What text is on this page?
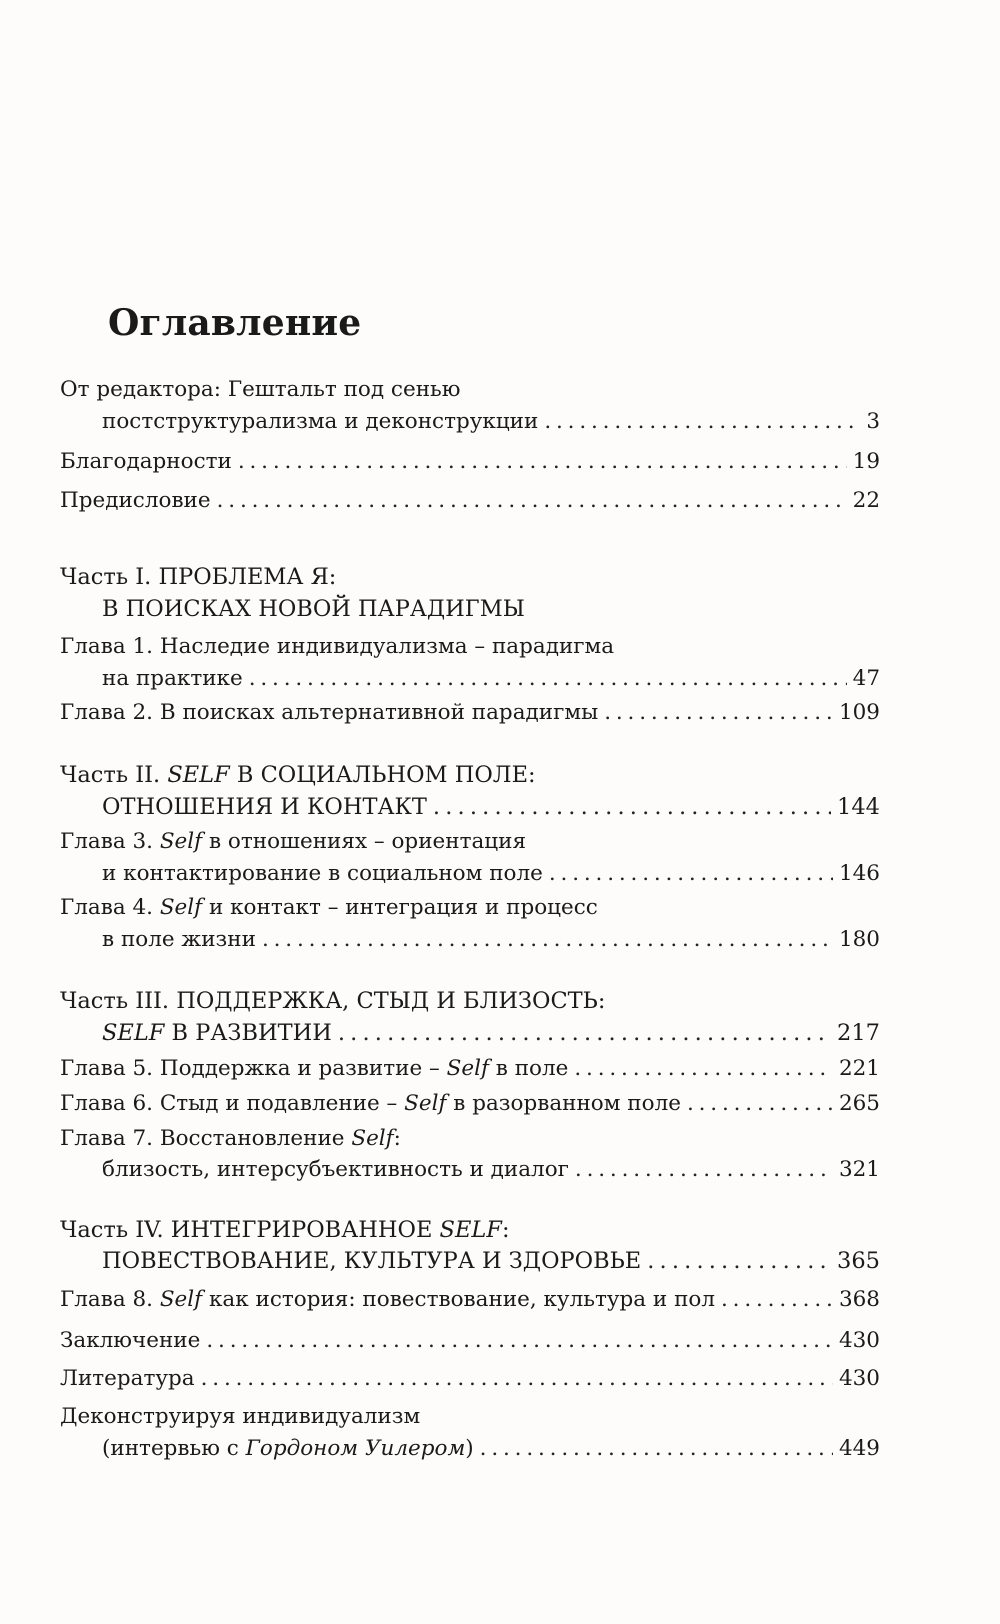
Оглавление
От редактора: Гештальт под сенью
постструктурализма и деконструкции . . .	3
Благодарности . . .	19
Предисловие . . .	22
Часть I. ПРОБЛЕМА Я:
В ПОИСКАХ НОВОЙ ПАРАДИГМЫ
Глава 1. Наследие индивидуализма – парадигма
на практике . . .	47
Глава 2. В поисках альтернативной парадигмы . . .	109
Часть II. SELF В СОЦИАЛЬНОМ ПОЛЕ:
ОТНОШЕНИЯ И КОНТАКТ . . .	144
Глава 3. Self в отношениях – ориентация
и контактирование в социальном поле . . .	146
Глава 4. Self и контакт – интеграция и процесс
в поле жизни . . .	180
Часть III. ПОДДЕРЖКА, СТЫД И БЛИЗОСТЬ:
SELF В РАЗВИТИИ . . .	217
Глава 5. Поддержка и развитие – Self в поле . . .	221
Глава 6. Стыд и подавление – Self в разорванном поле . . .	265
Глава 7. Восстановление Self:
близость, интерсубъективность и диалог . . .	321
Часть IV. ИНТЕГРИРОВАННОЕ SELF:
ПОВЕСТВОВАНИЕ, КУЛЬТУРА И ЗДОРОВЬЕ . . .	365
Глава 8. Self как история: повествование, культура и пол . . .	368
Заключение . . .	430
Литература . . .	430
Деконструируя индивидуализм
(интервью с Гордоном Уилером) . . .	449
